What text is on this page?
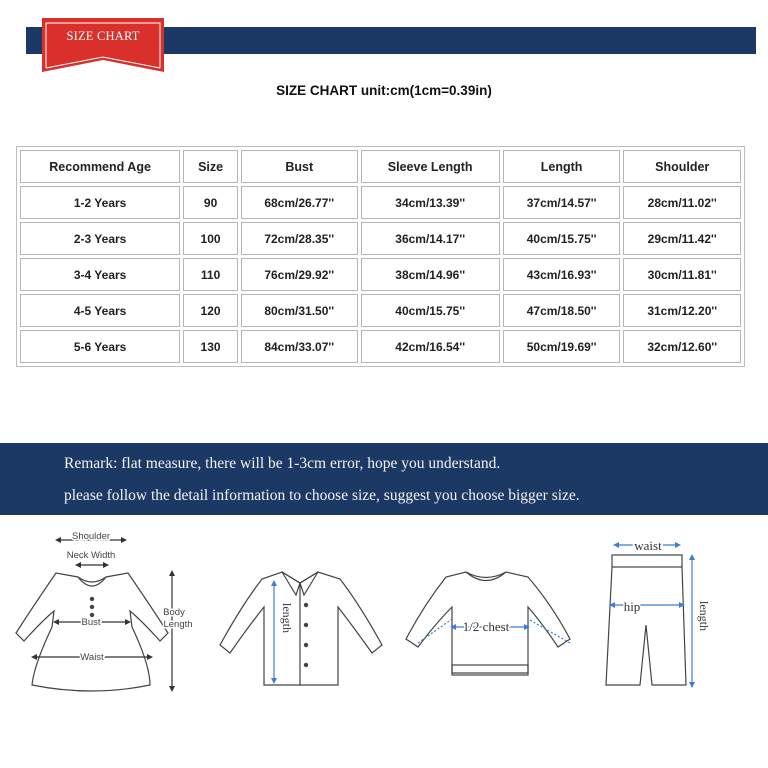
SIZE CHART
SIZE CHART unit:cm(1cm=0.39in)
Recommend Age	Size	Bust	Sleeve Length	Length	Shoulder
1-2 Years	90	68cm/26.77''	34cm/13.39''	37cm/14.57''	28cm/11.02''
2-3 Years	100	72cm/28.35''	36cm/14.17''	40cm/15.75''	29cm/11.42''
3-4 Years	110	76cm/29.92''	38cm/14.96''	43cm/16.93''	30cm/11.81''
4-5 Years	120	80cm/31.50''	40cm/15.75''	47cm/18.50''	31cm/12.20''
5-6 Years	130	84cm/33.07''	42cm/16.54''	50cm/19.69''	32cm/12.60''
Remark: flat measure, there will be 1-3cm error, hope you understand.
please follow the detail information to choose size, suggest you choose bigger size.
Shoulder
Neck Width
Bust
Waist
Body
Length	length	1/2 chest
waist
hip	length
